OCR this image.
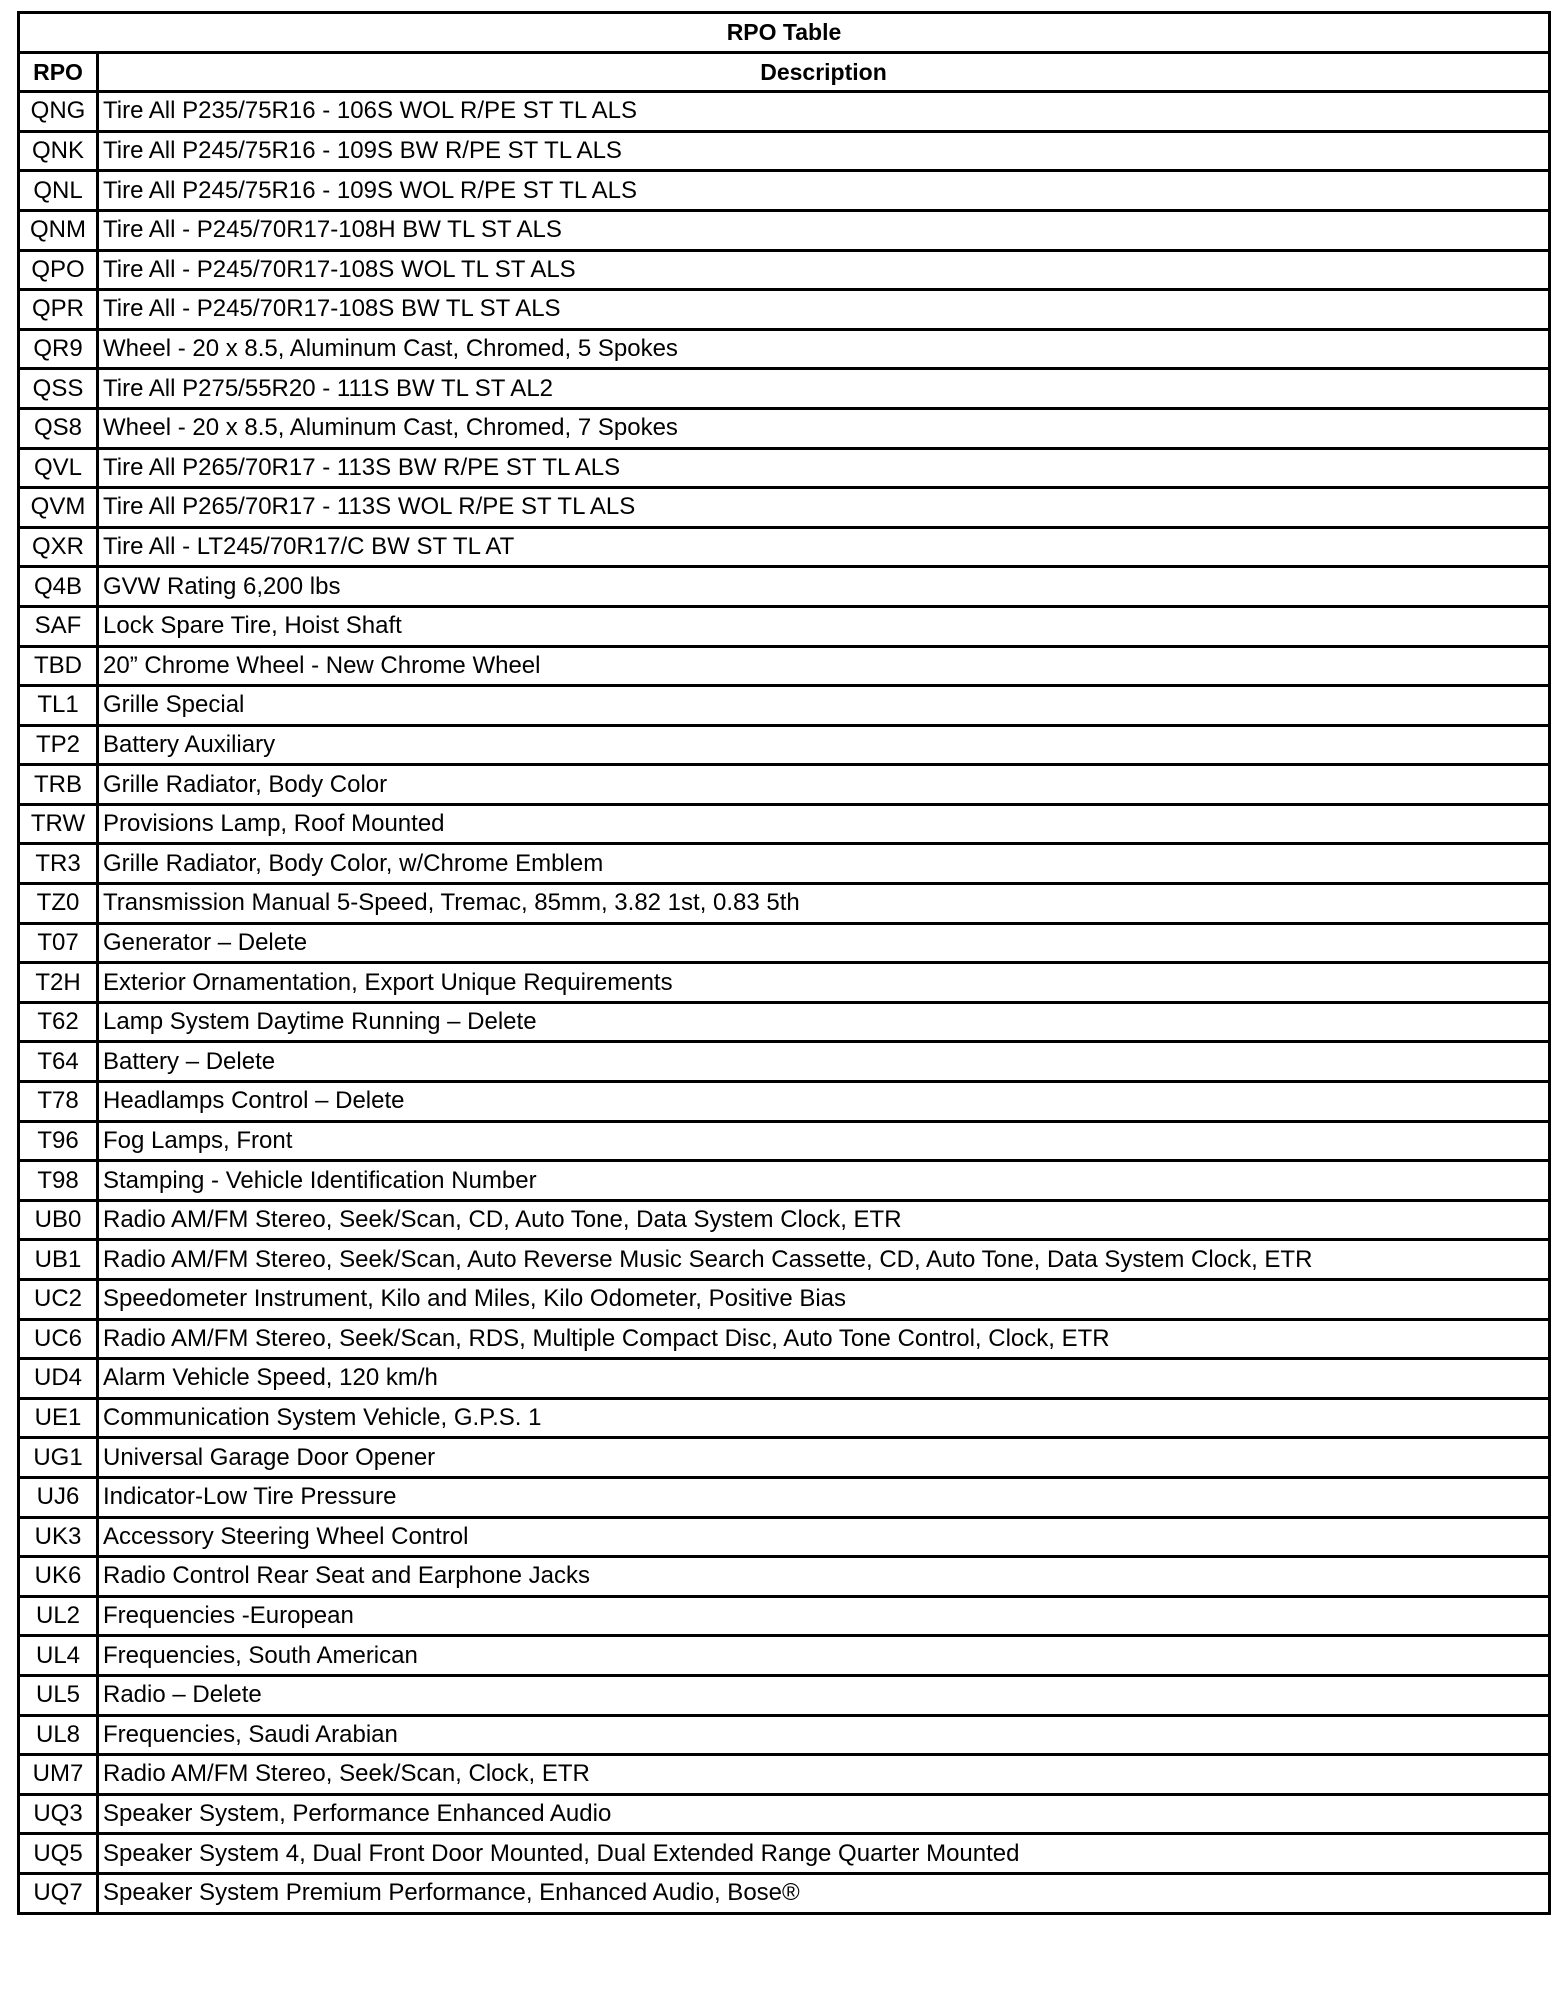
RPO Table	
RPO	Description
QNG	Tire All P235/75R16 - 106S WOL R/PE ST TL ALS
QNK	Tire All P245/75R16 - 109S BW R/PE ST TL ALS
QNL	Tire All P245/75R16 - 109S WOL R/PE ST TL ALS
QNM	Tire All - P245/70R17-108H BW TL ST ALS
QPO	Tire All - P245/70R17-108S WOL TL ST ALS
QPR	Tire All - P245/70R17-108S BW TL ST ALS
QR9	Wheel - 20 x 8.5, Aluminum Cast, Chromed, 5 Spokes
QSS	Tire All P275/55R20 - 111S BW TL ST AL2
QS8	Wheel - 20 x 8.5, Aluminum Cast, Chromed, 7 Spokes
QVL	Tire All P265/70R17 - 113S BW R/PE ST TL ALS
QVM	Tire All P265/70R17 - 113S WOL R/PE ST TL ALS
QXR	Tire All - LT245/70R17/C BW ST TL AT
Q4B	GVW Rating 6,200 lbs
SAF	Lock Spare Tire, Hoist Shaft
TBD	20” Chrome Wheel - New Chrome Wheel
TL1	Grille Special
TP2	Battery Auxiliary
TRB	Grille Radiator, Body Color
TRW	Provisions Lamp, Roof Mounted
TR3	Grille Radiator, Body Color, w/Chrome Emblem
TZ0	Transmission Manual 5-Speed, Tremac, 85mm, 3.82 1st, 0.83 5th
T07	Generator – Delete
T2H	Exterior Ornamentation, Export Unique Requirements
T62	Lamp System Daytime Running – Delete
T64	Battery – Delete
T78	Headlamps Control – Delete
T96	Fog Lamps, Front
T98	Stamping - Vehicle Identification Number
UB0	Radio AM/FM Stereo, Seek/Scan, CD, Auto Tone, Data System Clock, ETR
UB1	Radio AM/FM Stereo, Seek/Scan, Auto Reverse Music Search Cassette, CD, Auto Tone, Data System Clock, ETR
UC2	Speedometer Instrument, Kilo and Miles, Kilo Odometer, Positive Bias
UC6	Radio AM/FM Stereo, Seek/Scan, RDS, Multiple Compact Disc, Auto Tone Control, Clock, ETR
UD4	Alarm Vehicle Speed, 120 km/h
UE1	Communication System Vehicle, G.P.S. 1
UG1	Universal Garage Door Opener
UJ6	Indicator-Low Tire Pressure
UK3	Accessory Steering Wheel Control
UK6	Radio Control Rear Seat and Earphone Jacks
UL2	Frequencies -European
UL4	Frequencies, South American
UL5	Radio – Delete
UL8	Frequencies, Saudi Arabian
UM7	Radio AM/FM Stereo, Seek/Scan, Clock, ETR
UQ3	Speaker System, Performance Enhanced Audio
UQ5	Speaker System 4, Dual Front Door Mounted, Dual Extended Range Quarter Mounted
UQ7	Speaker System Premium Performance, Enhanced Audio, Bose®
